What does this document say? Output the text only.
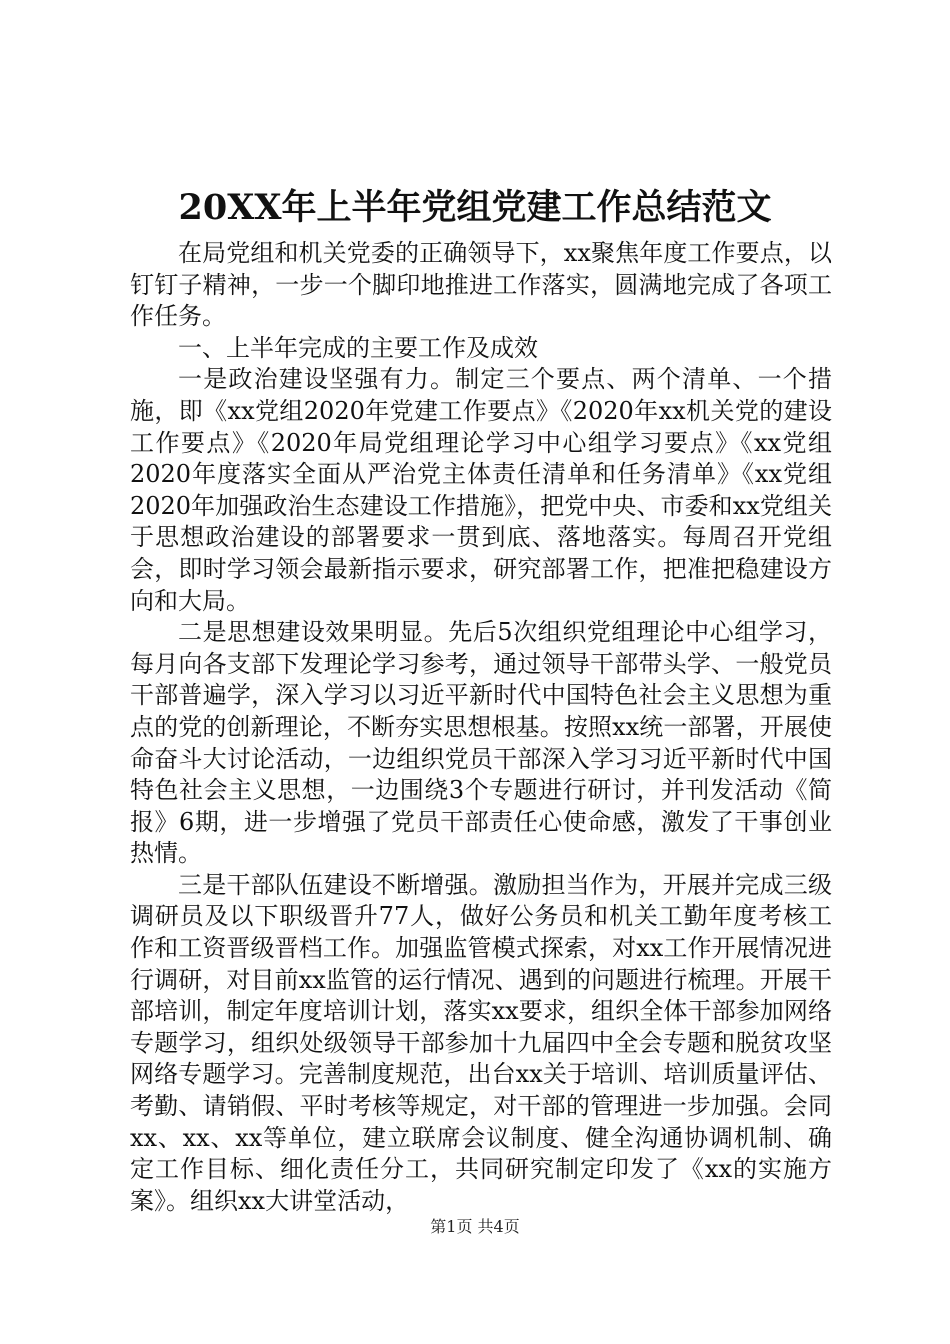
20XX年上半年党组党建工作总结范文

在局党组和机关党委的正确领导下，xx聚焦年度工作要点，以钉钉子精神，一步一个脚印地推进工作落实，圆满地完成了各项工作任务。

一、上半年完成的主要工作及成效

一是政治建设坚强有力。制定三个要点、两个清单、一个措施，即《xx党组2020年党建工作要点》《2020年xx机关党的建设工作要点》《2020年局党组理论学习中心组学习要点》《xx党组2020年度落实全面从严治党主体责任清单和任务清单》《xx党组2020年加强政治生态建设工作措施》，把党中央、市委和xx党组关于思想政治建设的部署要求一贯到底、落地落实。每周召开党组会，即时学习领会最新指示要求，研究部署工作，把准把稳建设方向和大局。

二是思想建设效果明显。先后5次组织党组理论中心组学习，每月向各支部下发理论学习参考，通过领导干部带头学、一般党员干部普遍学，深入学习以习近平新时代中国特色社会主义思想为重点的党的创新理论，不断夯实思想根基。按照xx统一部署，开展使命奋斗大讨论活动，一边组织党员干部深入学习习近平新时代中国特色社会主义思想，一边围绕3个专题进行研讨，并刊发活动《简报》6期，进一步增强了党员干部责任心使命感，激发了干事创业热情。

三是干部队伍建设不断增强。激励担当作为，开展并完成三级调研员及以下职级晋升77人，做好公务员和机关工勤年度考核工作和工资晋级晋档工作。加强监管模式探索，对xx工作开展情况进行调研，对目前xx监管的运行情况、遇到的问题进行梳理。开展干部培训，制定年度培训计划，落实xx要求，组织全体干部参加网络专题学习，组织处级领导干部参加十九届四中全会专题和脱贫攻坚网络专题学习。完善制度规范，出台xx关于培训、培训质量评估、考勤、请销假、平时考核等规定，对干部的管理进一步加强。会同xx、xx、xx等单位，建立联席会议制度、健全沟通协调机制、确定工作目标、细化责任分工，共同研究制定印发了《xx的实施方案》。组织xx大讲堂活动，

第1页 共4页
